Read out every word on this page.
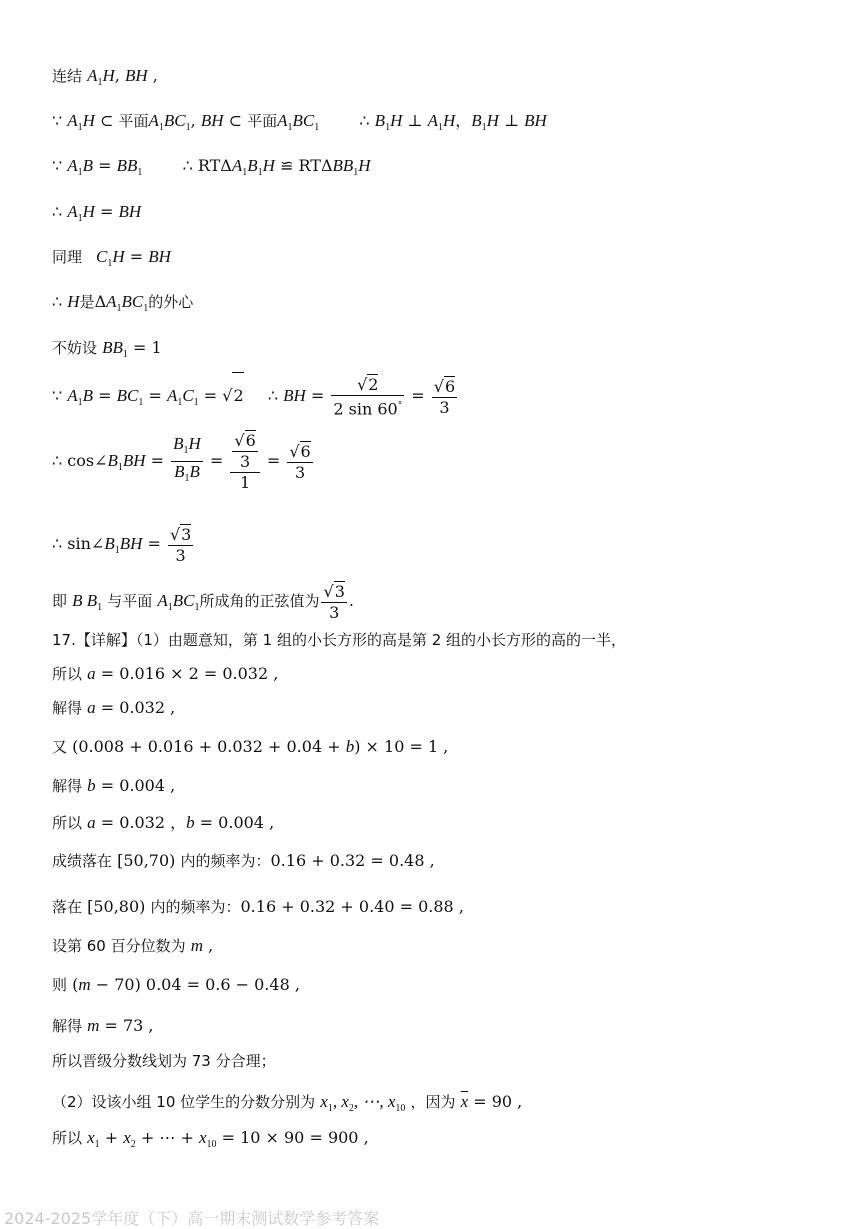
连结 $A_1H$, BH ,
∵ $A_1H$ ⊂ 平面$A_1BC_1$, BH ⊂ 平面$A_1BC_1$	∴ $B_1H$ ⊥ $A_1H$，$B_1H$ ⊥ BH
∵ $A_1B = BB_1$	∴ $RT\Delta A_1B_1H$ ≌ $RT\Delta BB_1H$
∴ $A_1H$ = BH
同理 $C_1H$ = BH
∴ H是$\Delta A_1BC_1$的外心
不妨设 $BB_1 = 1$
∵ $A_1B = BC_1 = A_1C_1 = √2$  ∴ BH = $\frac{√2}{2 \sin 60^\circ} = \frac{√6}{3}$
∴ $\cos\angle B_1BH = \frac{B_1H}{B_1B} = \frac{\frac{√6}{3}}{1} = \frac{√6}{3}$
∴ $\sin\angle B_1BH = \frac{√3}{3}$
即 B $B_1$ 与平面 $A_1BC_1$所成角的正弦值为 $\frac{√3}{3}$ .
17.【详解】（1）由题意知，第 1 组的小长方形的高是第 2 组的小长方形的高的一半，
所以 a = 0.016 × 2 = 0.032 ,
解得 a = 0.032 ,
又 (0.008 + 0.016 + 0.032 + 0.04 + b) × 10 = 1 ,
解得 b = 0.004 ,
所以 a = 0.032 ，b = 0.004 ,
成绩落在 [50,70) 内的频率为：0.16 + 0.32 = 0.48 ,
落在 [50,80) 内的频率为：0.16 + 0.32 + 0.40 = 0.88 ,
设第 60 百分位数为 m ,
则 (m − 70) 0.04 = 0.6 − 0.48 ,
解得 m = 73 ,
所以晋级分数线划为 73 分合理；
（2）设该小组 10 位学生的分数分别为 $x_1$, $x_2$, ⋯, $x_{10}$ ，因为 $\overline{x} = 90$ ,
所以 $x_1 + x_2$ + ⋯ + $x_{10} = 10 \times 90 = 900$ ,
2024-2025学年度（下）高一期末测试数学参考答案
